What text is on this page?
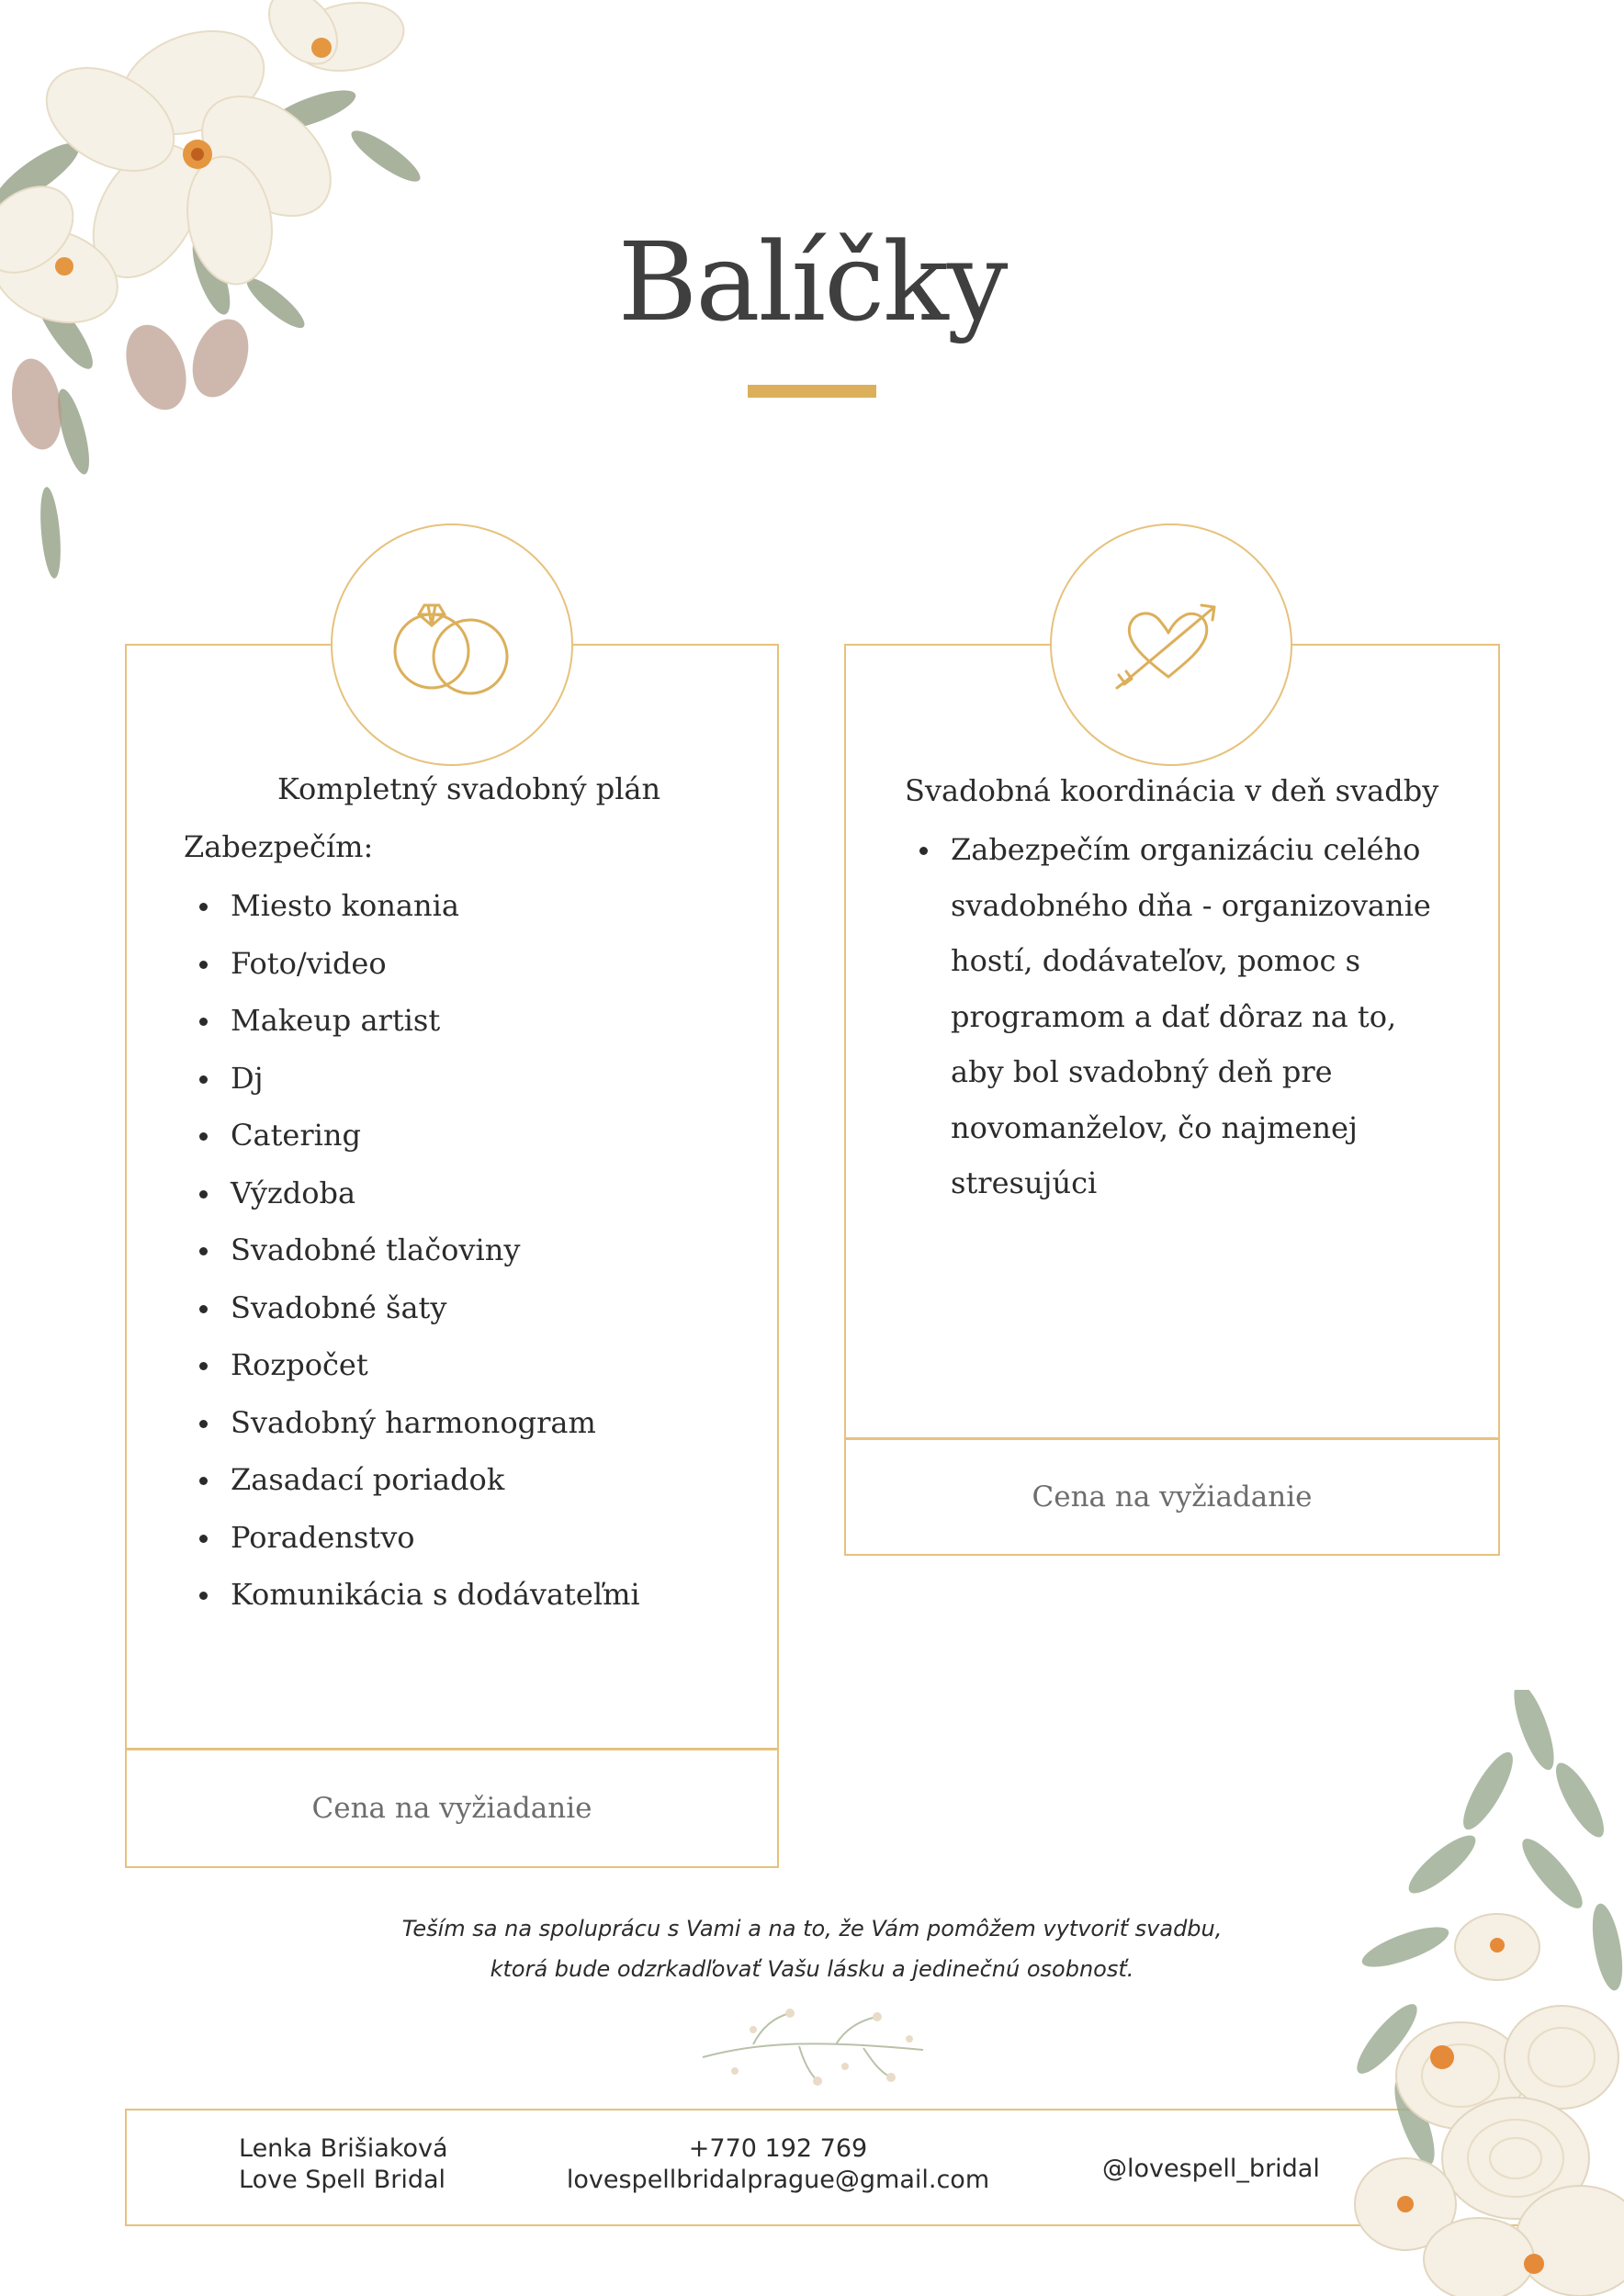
Balíčky
Cena na vyžiadanie
Kompletný svadobný plán
Zabezpečím:
Miesto konania
Foto/video
Makeup artist
Dj
Catering
Výzdoba
Svadobné tlačoviny
Svadobné šaty
Rozpočet
Svadobný harmonogram
Zasadací poriadok
Poradenstvo
Komunikácia s dodávateľmi
Cena na vyžiadanie
Svadobná koordinácia v deň svadby
Zabezpečím organizáciu celého svadobného dňa - organizovanie hostí, dodávateľov, pomoc s programom a dať dôraz na to, aby bol svadobný deň pre novomanželov, čo najmenej stresujúci
Teším sa na spoluprácu s Vami a na to, že Vám pomôžem vytvoriť svadbu,
ktorá bude odzrkadľovať Vašu lásku a jedinečnú osobnosť.
Lenka Brišiaková
Love Spell Bridal
+770 192 769
lovespellbridalprague@gmail.com	@lovespell_bridal
